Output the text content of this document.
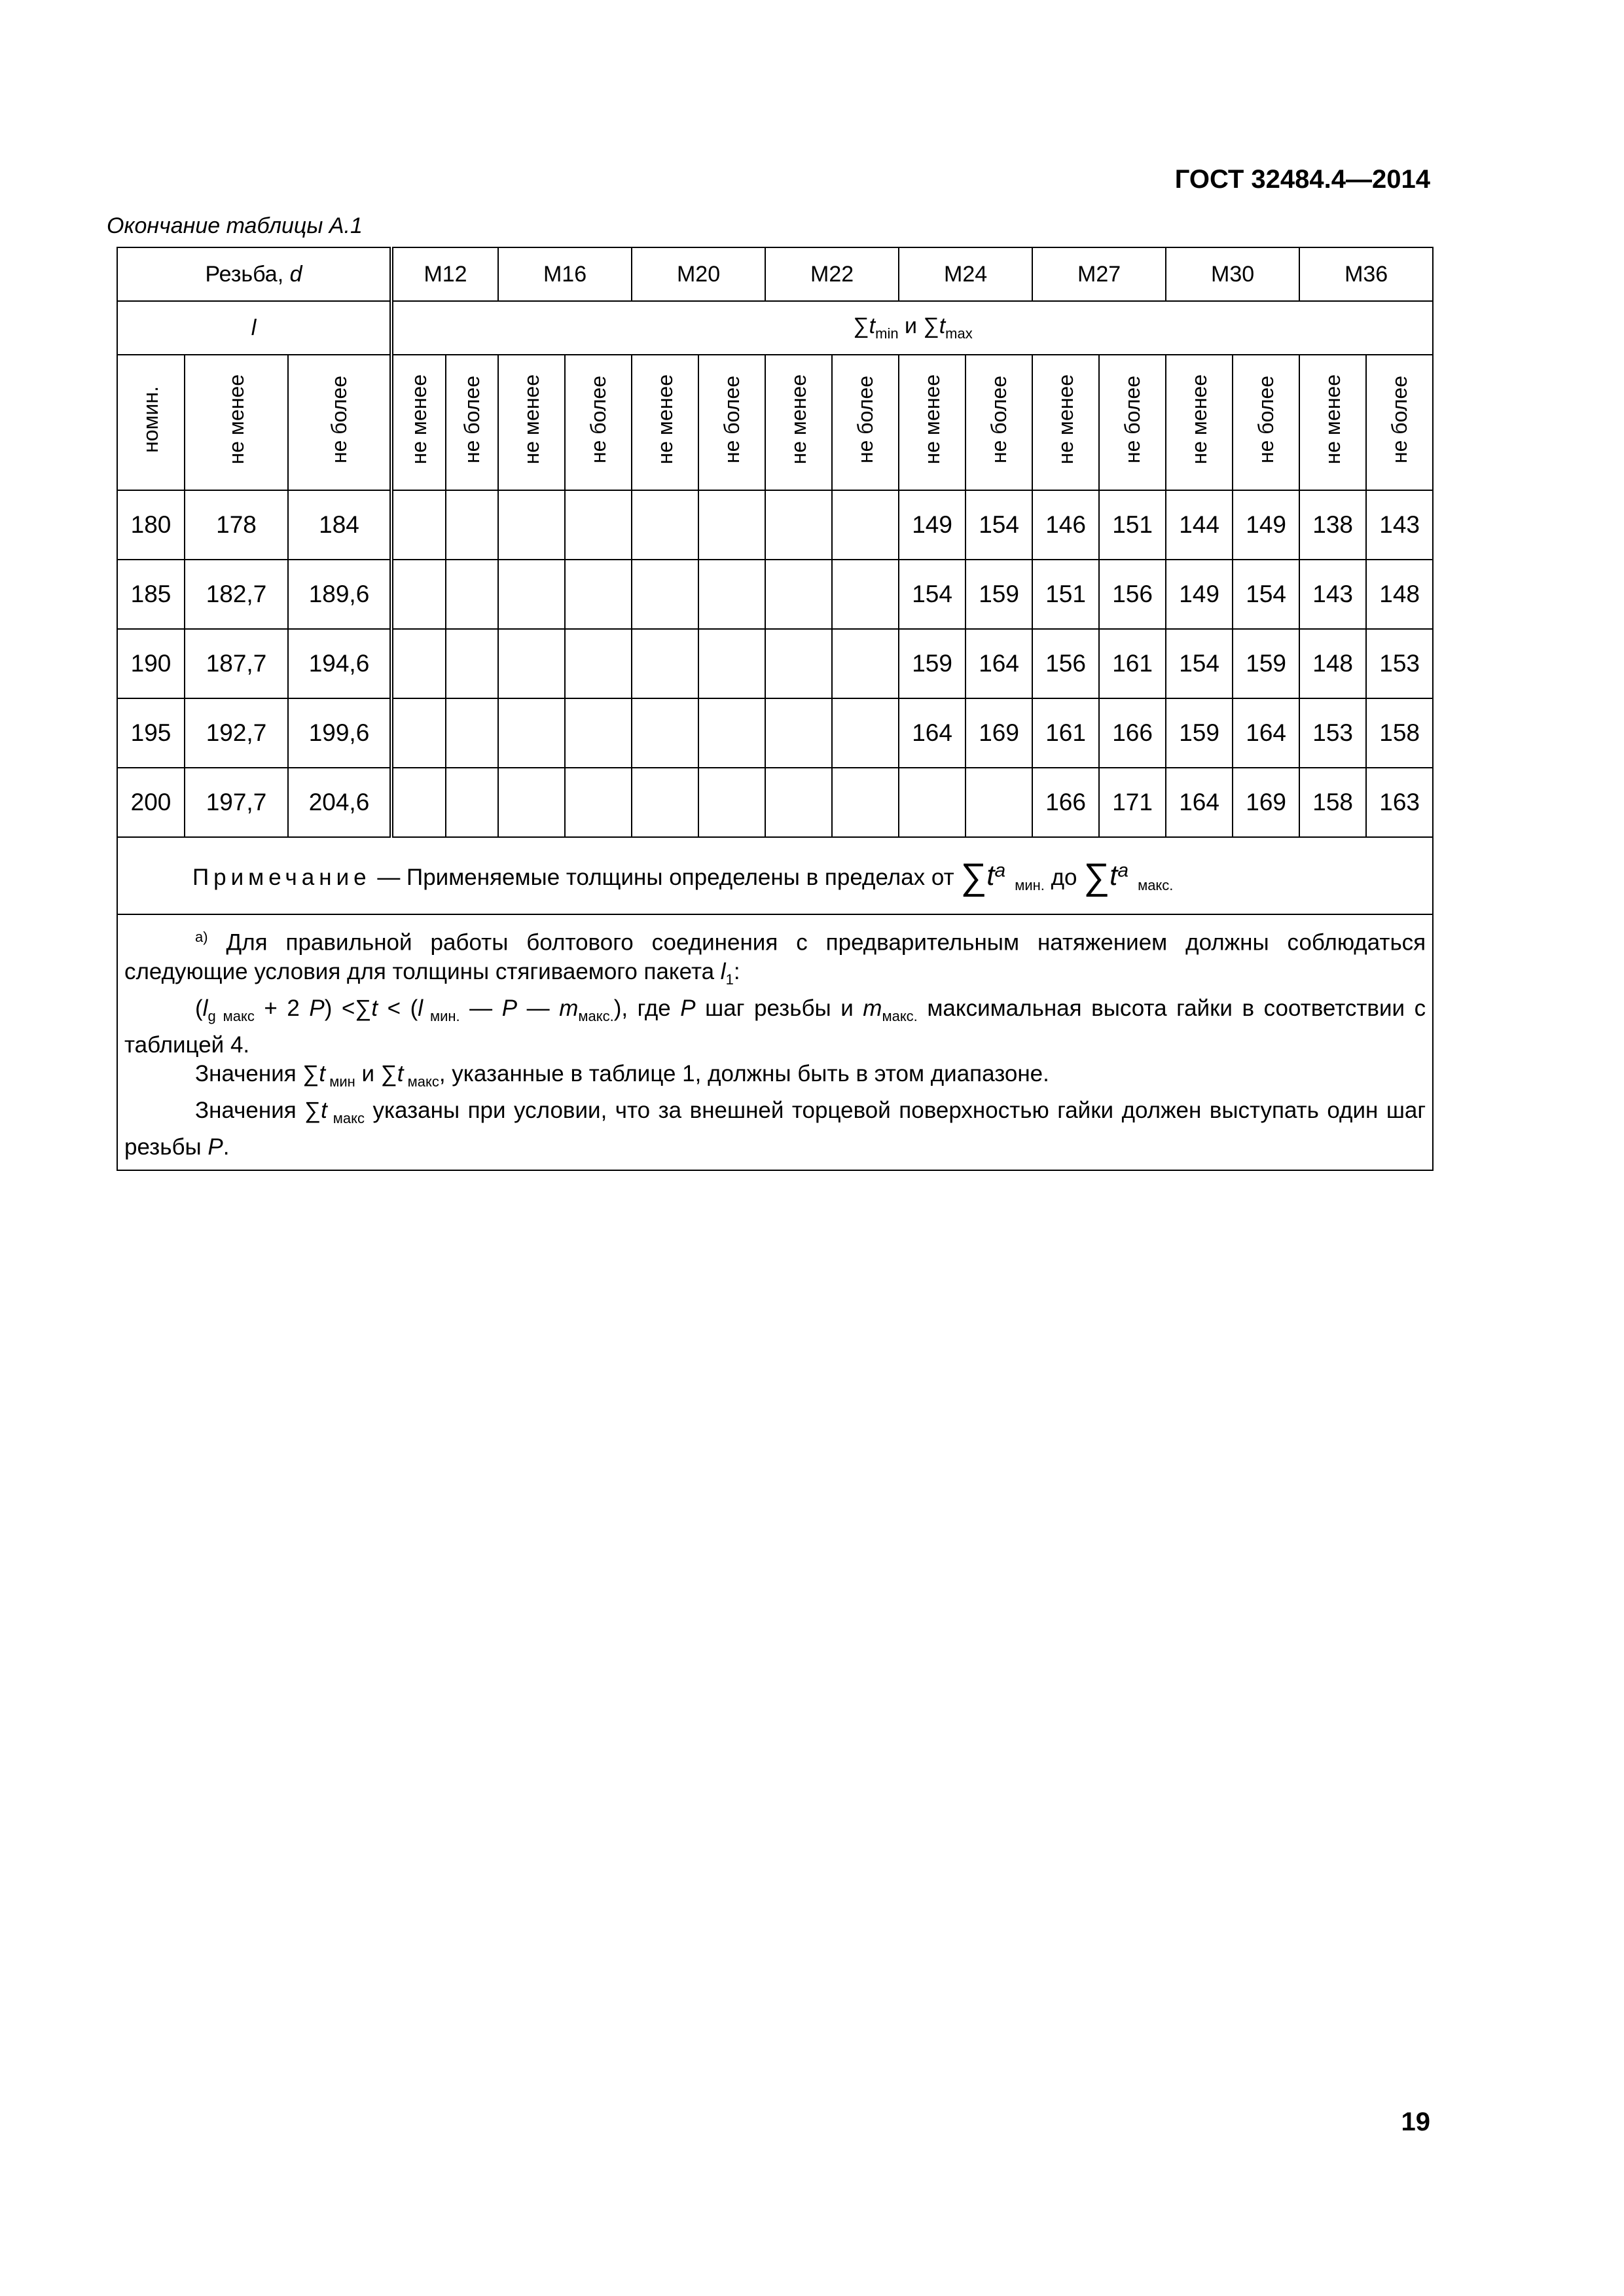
ГОСТ 32484.4—2014
Окончание таблицы А.1
Резьба, d			M12		M16		M20		M22		M24		M27		M30		M36	
l			$\sum t_{min}$ и $\sum t_{max}$
номин.	не менее	не более	не менее	не более	не менее	не более	не менее	не более	не менее	не более	не менее	не более	не менее	не более	не менее	не более	не менее	не более
180	178	184									149	154	146	151	144	149	138	143
185	182,7	189,6									154	159	151	156	149	154	143	148
190	187,7	194,6									159	164	156	161	154	159	148	153
195	192,7	199,6									164	169	161	166	159	164	153	158
200	197,7	204,6											166	171	164	169	158	163
Примечание — Применяемые толщины определены в пределах от $\sum t^a_{мин.}$ до $\sum t^a_{макс.}$

$^{а)}$ Для правильной работы болтового соединения с предварительным натяжением должны соблюдаться следующие условия для толщины стягиваемого пакета $l_1$:

($l_{g макс} + 2$ P) <∑t < (l $_{мин.}$ — P — $m_{макс.}$), где P шаг резьбы и $m_{макс.}$ максимальная высота гайки в соответствии с таблицей 4.

Значения ∑t $_{мин}$ и ∑t $_{макс}$, указанные в таблице 1, должны быть в этом диапазоне.

Значения ∑t $_{макс}$ указаны при условии, что за внешней торцевой поверхностью гайки должен выступать один шаг резьбы P.																		

19
